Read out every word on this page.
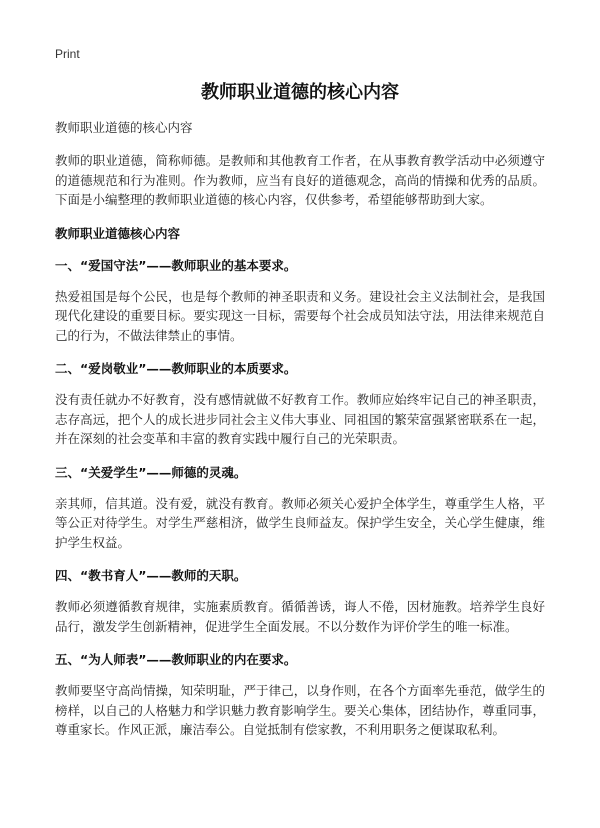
Print
教师职业道德的核心内容

教师职业道德的核心内容

教师的职业道德，简称师德。是教师和其他教育工作者，在从事教育教学活动中必须遵守的道德规范和行为准则。作为教师，应当有良好的道德观念，高尚的情操和优秀的品质。下面是小编整理的教师职业道德的核心内容，仅供参考，希望能够帮助到大家。

教师职业道德核心内容

一、“爱国守法”——教师职业的基本要求。

热爱祖国是每个公民，也是每个教师的神圣职责和义务。建设社会主义法制社会，是我国现代化建设的重要目标。要实现这一目标，需要每个社会成员知法守法，用法律来规范自己的行为，不做法律禁止的事情。

二、“爱岗敬业”——教师职业的本质要求。

没有责任就办不好教育，没有感情就做不好教育工作。教师应始终牢记自己的神圣职责，志存高远，把个人的成长进步同社会主义伟大事业、同祖国的繁荣富强紧密联系在一起，并在深刻的社会变革和丰富的教育实践中履行自己的光荣职责。

三、“关爱学生”——师德的灵魂。

亲其师，信其道。没有爱，就没有教育。教师必须关心爱护全体学生，尊重学生人格，平等公正对待学生。对学生严慈相济，做学生良师益友。保护学生安全，关心学生健康，维护学生权益。

四、“教书育人”——教师的天职。

教师必须遵循教育规律，实施素质教育。循循善诱，诲人不倦，因材施教。培养学生良好品行，激发学生创新精神，促进学生全面发展。不以分数作为评价学生的唯一标准。

五、“为人师表”——教师职业的内在要求。

教师要坚守高尚情操，知荣明耻，严于律己，以身作则，在各个方面率先垂范，做学生的榜样，以自己的人格魅力和学识魅力教育影响学生。要关心集体，团结协作，尊重同事，尊重家长。作风正派，廉洁奉公。自觉抵制有偿家教，不利用职务之便谋取私利。
